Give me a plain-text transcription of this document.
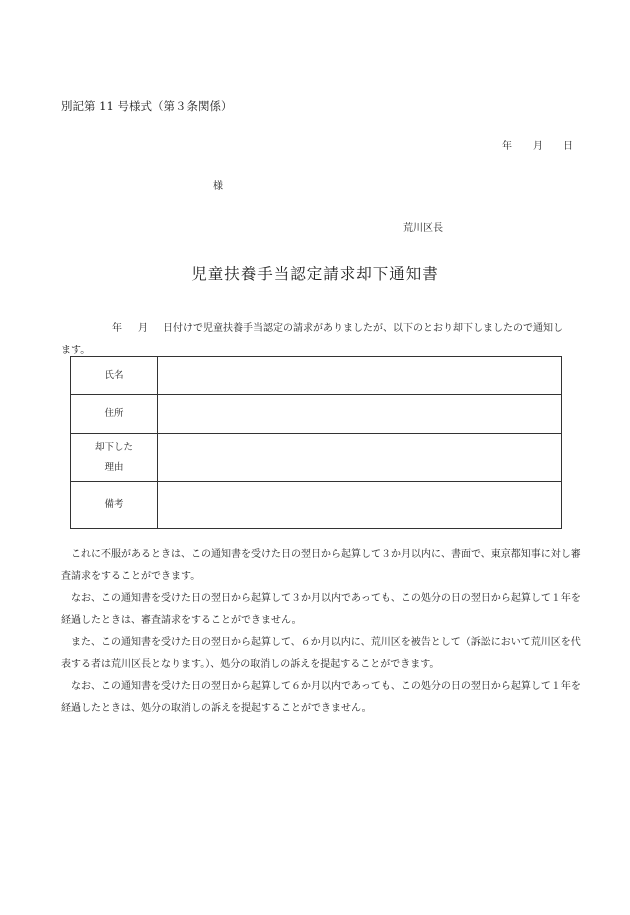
別記第 11 号様式（第３条関係）
年 月 日
様
荒川区長
児童扶養手当認定請求却下通知書
年 月 日付けで児童扶養手当認定の請求がありましたが、以下のとおり却下しましたので通知し
ます。
氏名	
住所	

却下した
理由	

備考	

これに不服があるときは、この通知書を受けた日の翌日から起算して３か月以内に、書面で、東京都知事に対し審査請求をすることができます。

なお、この通知書を受けた日の翌日から起算して３か月以内であっても、この処分の日の翌日から起算して１年を経過したときは、審査請求をすることができません。

また、この通知書を受けた日の翌日から起算して、６か月以内に、荒川区を被告として（訴訟において荒川区を代表する者は荒川区長となります。）、処分の取消しの訴えを提起することができます。

なお、この通知書を受けた日の翌日から起算して６か月以内であっても、この処分の日の翌日から起算して１年を経過したときは、処分の取消しの訴えを提起することができません。
